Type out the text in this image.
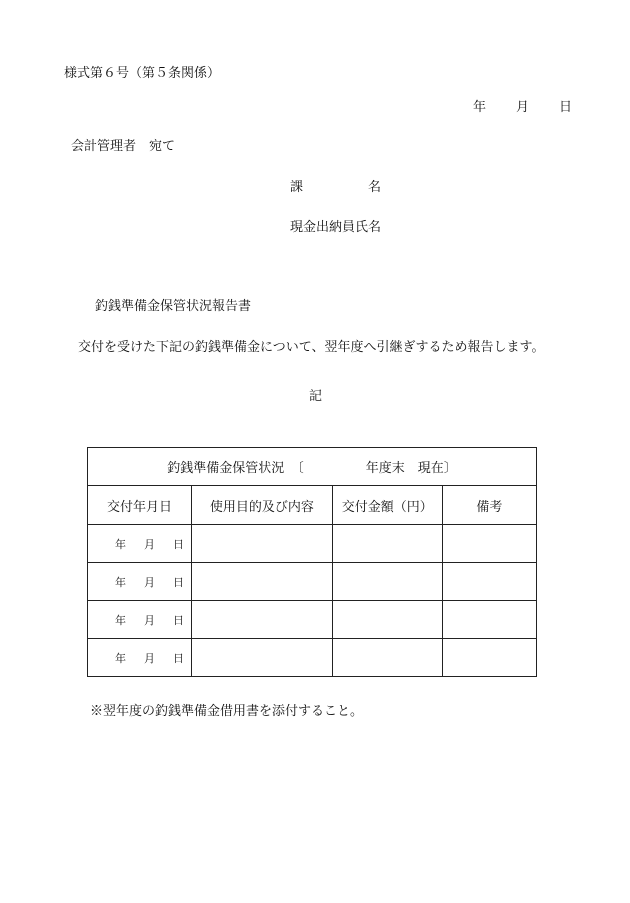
様式第６号（第５条関係）
年 月 日
会計管理者　宛て
課　　　　　名
現金出納員氏名
釣銭準備金保管状況報告書
交付を受けた下記の釣銭準備金について、翌年度へ引継ぎするため報告します。
記
釣銭準備金保管状況　〔 年度末　現在〕			
交付年月日	使用目的及び内容	交付金額（円）	備考
年 月 日			
年 月 日			
年 月 日			
年 月 日			
※翌年度の釣銭準備金借用書を添付すること。
